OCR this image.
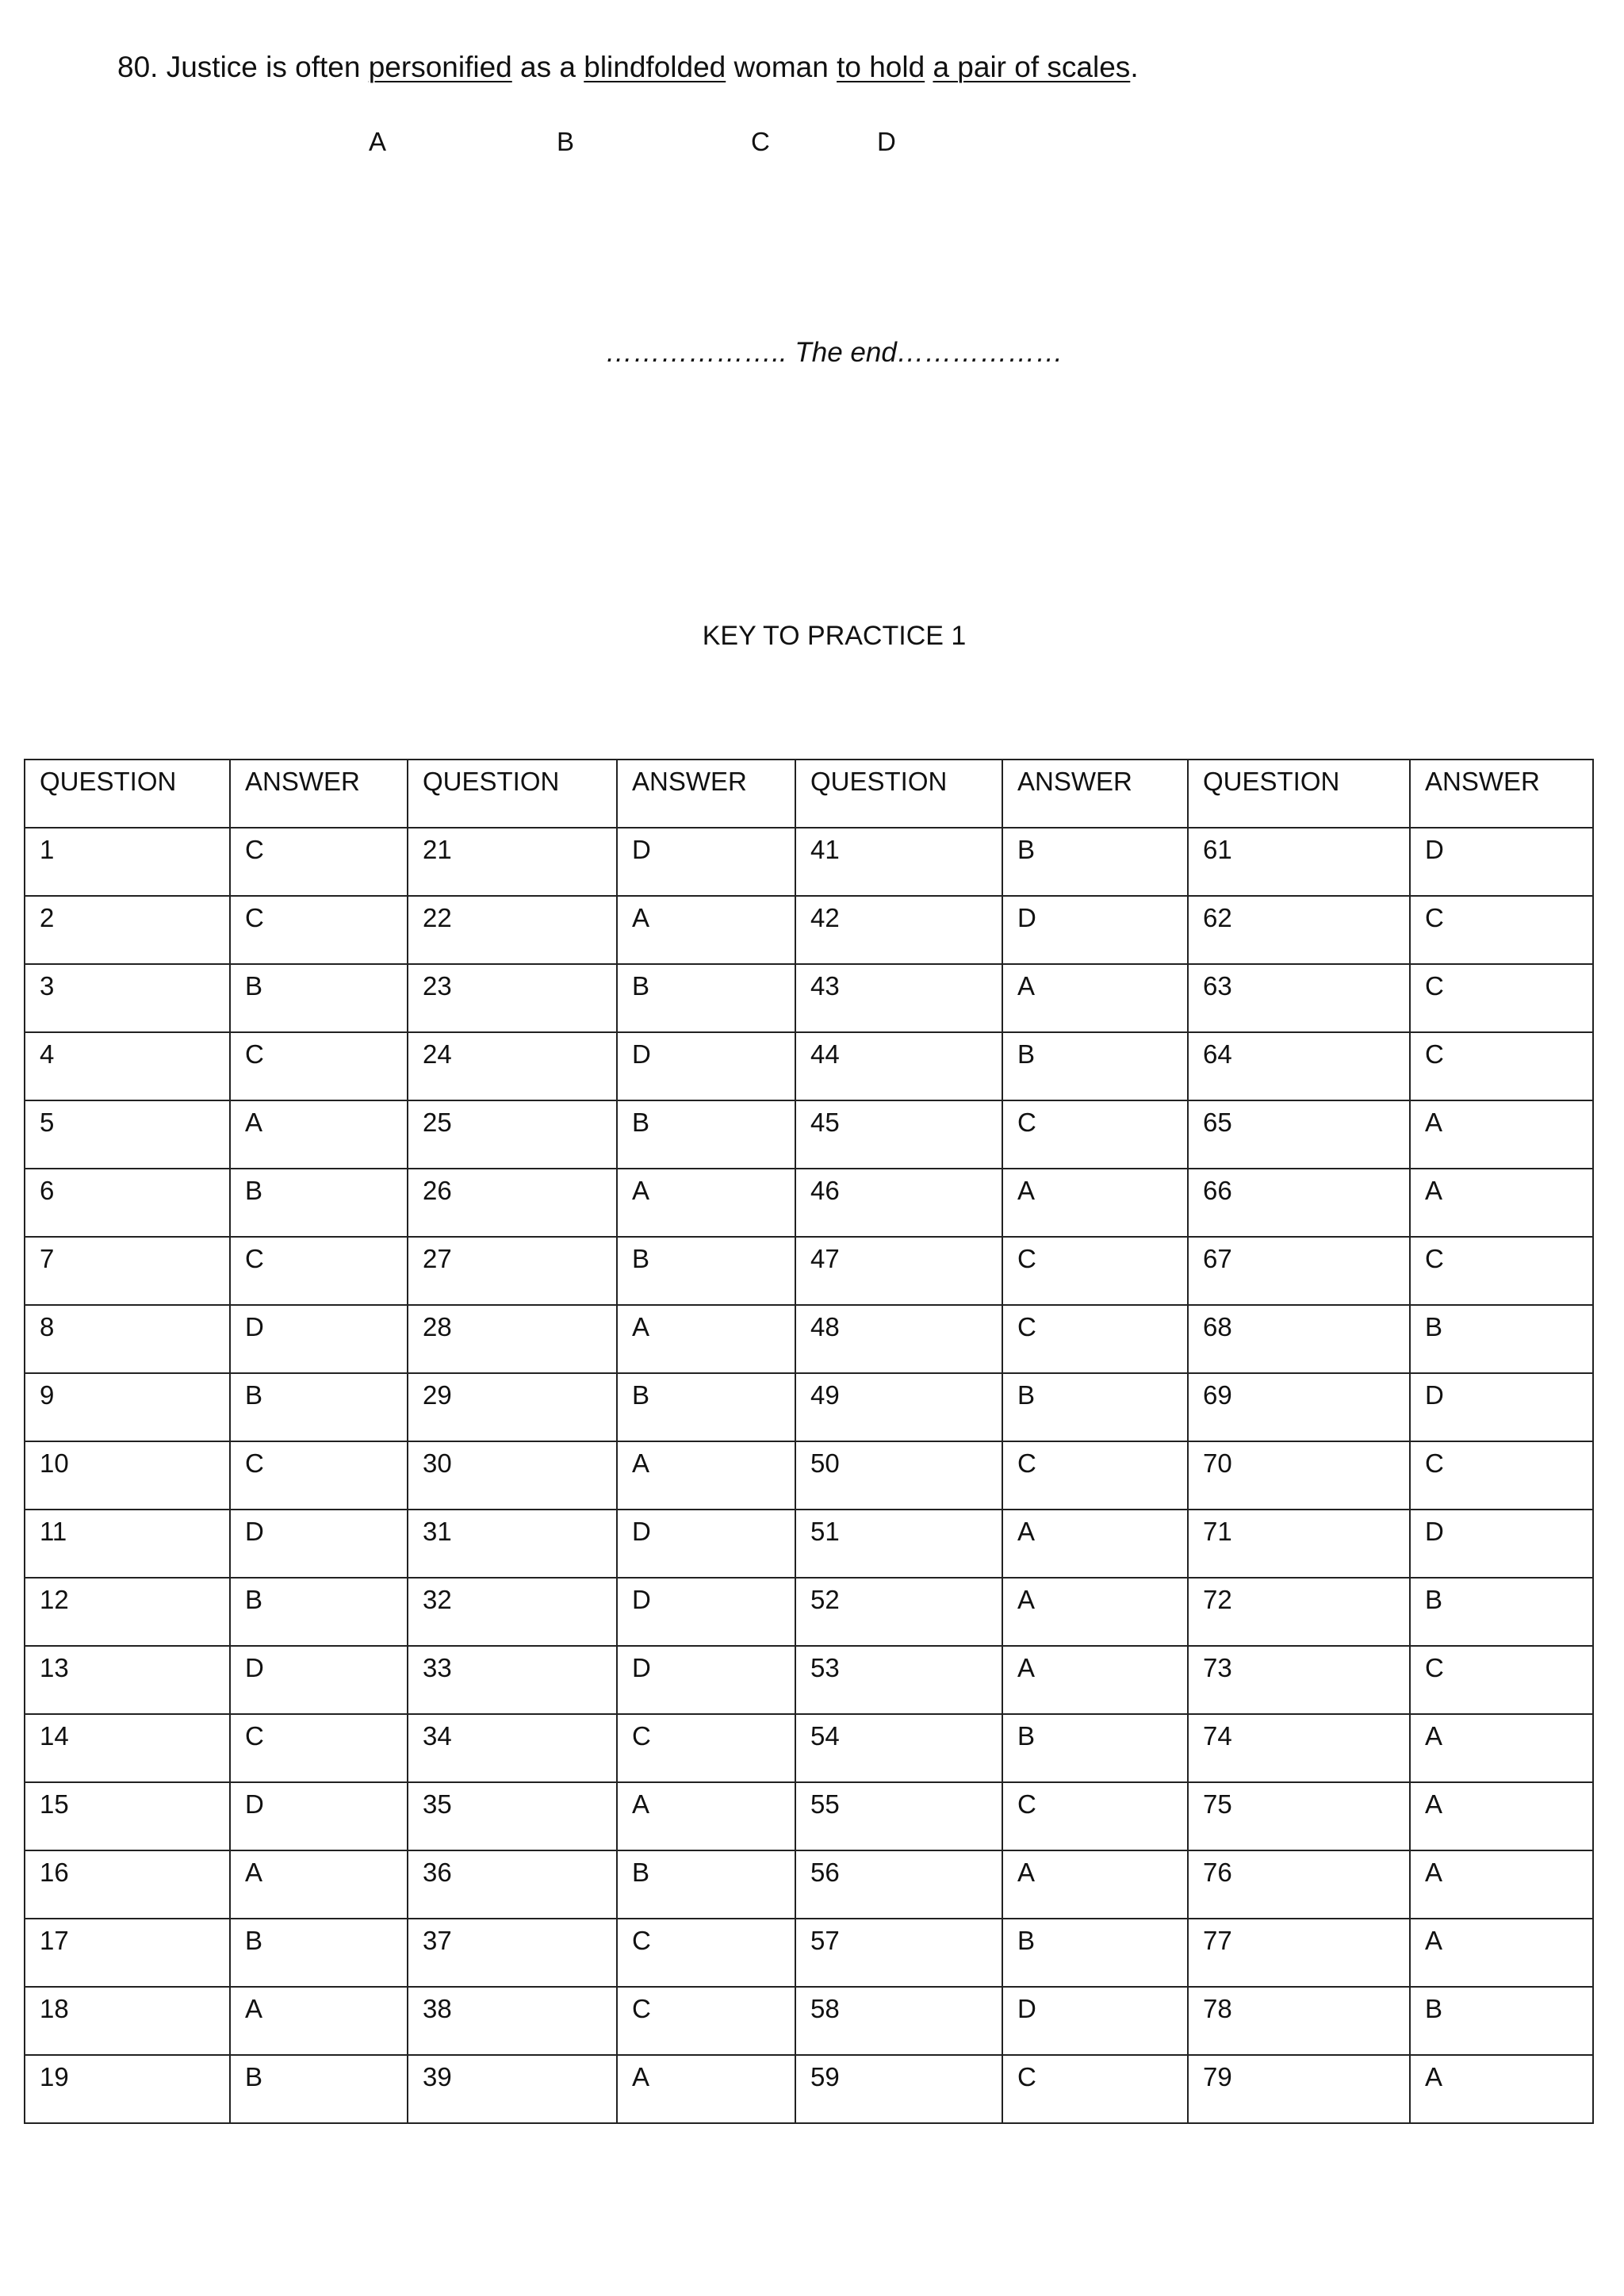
80. Justice is often personified as a blindfolded woman to hold a pair of scales.
A	B	C	D
……………….. The end………………
KEY TO PRACTICE 1
QUESTION	ANSWER	QUESTION	ANSWER	QUESTION	ANSWER	QUESTION	ANSWER
1	C	21	D	41	B	61	D
2	C	22	A	42	D	62	C
3	B	23	B	43	A	63	C
4	C	24	D	44	B	64	C
5	A	25	B	45	C	65	A
6	B	26	A	46	A	66	A
7	C	27	B	47	C	67	C
8	D	28	A	48	C	68	B
9	B	29	B	49	B	69	D
10	C	30	A	50	C	70	C
11	D	31	D	51	A	71	D
12	B	32	D	52	A	72	B
13	D	33	D	53	A	73	C
14	C	34	C	54	B	74	A
15	D	35	A	55	C	75	A
16	A	36	B	56	A	76	A
17	B	37	C	57	B	77	A
18	A	38	C	58	D	78	B
19	B	39	A	59	C	79	A
